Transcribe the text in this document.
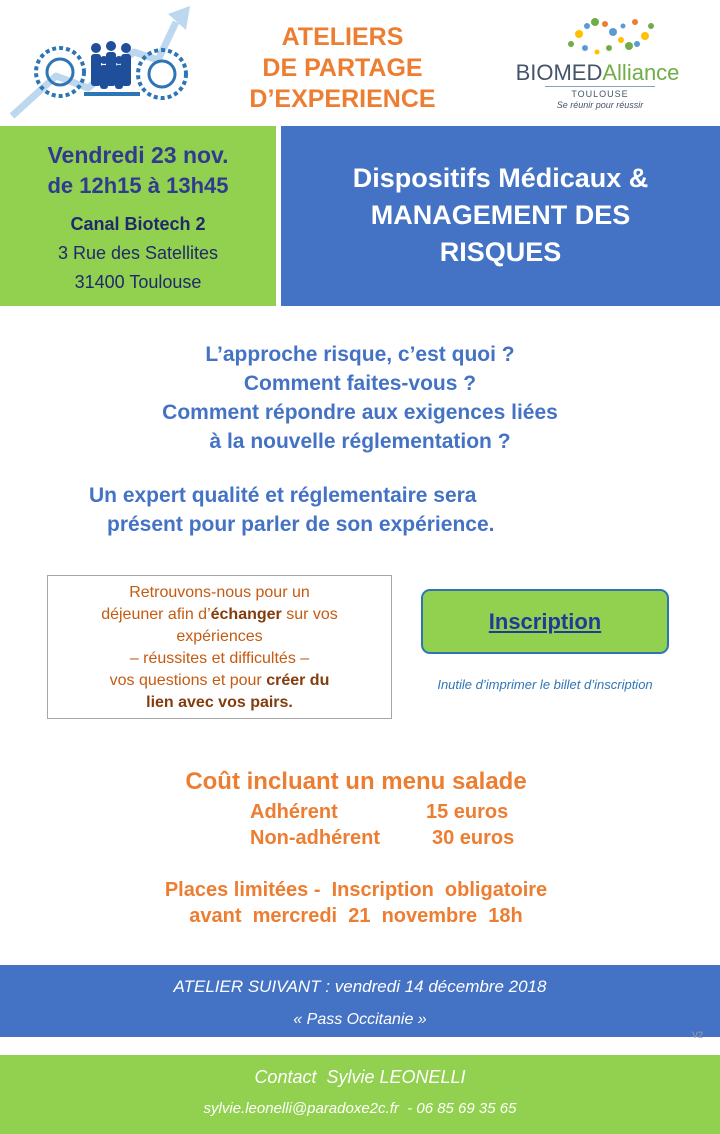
ATELIERS
DE PARTAGE
D’EXPERIENCE
BIOMEDAlliance
TOULOUSE
Se réunir pour réussir
Vendredi 23 nov.
de 12h15 à 13h45
Canal Biotech 2
3 Rue des Satellites
31400 Toulouse
Dispositifs Médicaux &
MANAGEMENT DES
RISQUES
L’approche risque, c’est quoi ?
Comment faites-vous ?
Comment répondre aux exigences liées
à la nouvelle réglementation ?
Un expert qualité et réglementaire sera
présent pour parler de son expérience.
Retrouvons-nous pour un
déjeuner afin d’échanger sur vos
expériences
– réussites et difficultés –
vos questions et pour créer du
lien avec vos pairs.
Inscription
Inutile d’imprimer le billet d’inscription
Coût incluant un menu salade
Adhérent	15 euros
Non-adhérent	30 euros
Places limitées -  Inscription  obligatoire
avant  mercredi  21  novembre  18h
ATELIER SUIVANT : vendredi 14 décembre 2018
« Pass Occitanie »
V2
Contact  Sylvie LEONELLI
sylvie.leonelli@paradoxe2c.fr  - 06 85 69 35 65
